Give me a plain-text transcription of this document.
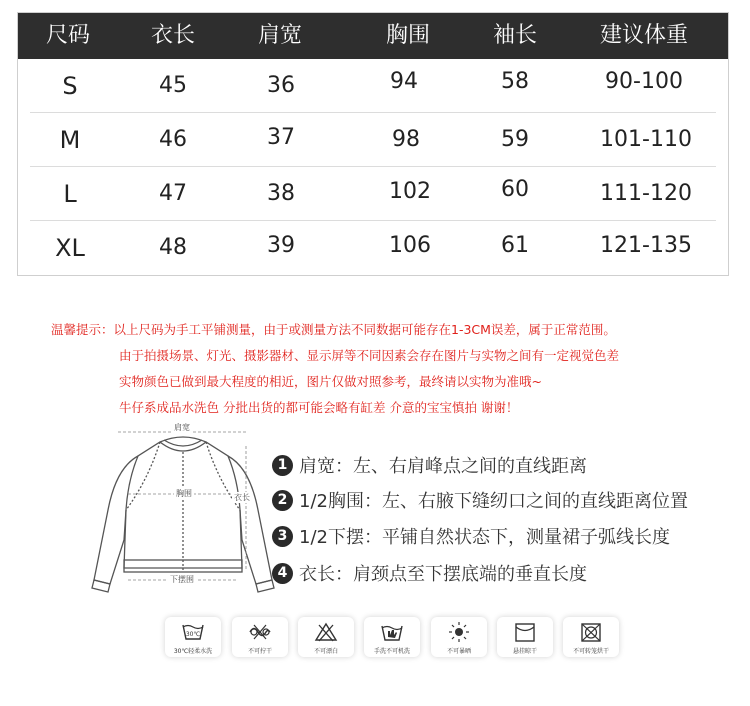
尺码	衣长	肩宽	胸围	袖长	建议体重
S	45	36	94	58	90-100
M	46	37	98	59	101-110
L	47	38	102	60	111-120
XL	48	39	106	61	121-135
温馨提示：以上尺码为手工平铺测量，由于或测量方法不同数据可能存在1-3CM误差，属于正常范围。
由于拍摄场景、灯光、摄影器材、显示屏等不同因素会存在图片与实物之间有一定视觉色差
实物颜色已做到最大程度的相近，图片仅做对照参考，最终请以实物为准哦~
牛仔系成品水洗色 分批出货的都可能会略有缸差 介意的宝宝慎拍 谢谢！
肩宽
胸围	衣长
下摆围
1 肩宽：左、右肩峰点之间的直线距离
2 1/2胸围：左、右腋下缝纫口之间的直线距离位置
3 1/2下摆：平铺自然状态下，测量裙子弧线长度
4 衣长：肩颈点至下摆底端的垂直长度
30℃
30℃轻柔水洗	不可拧干	不可漂白	手洗不可机洗	不可暴晒	悬挂晾干	不可转笼烘干
